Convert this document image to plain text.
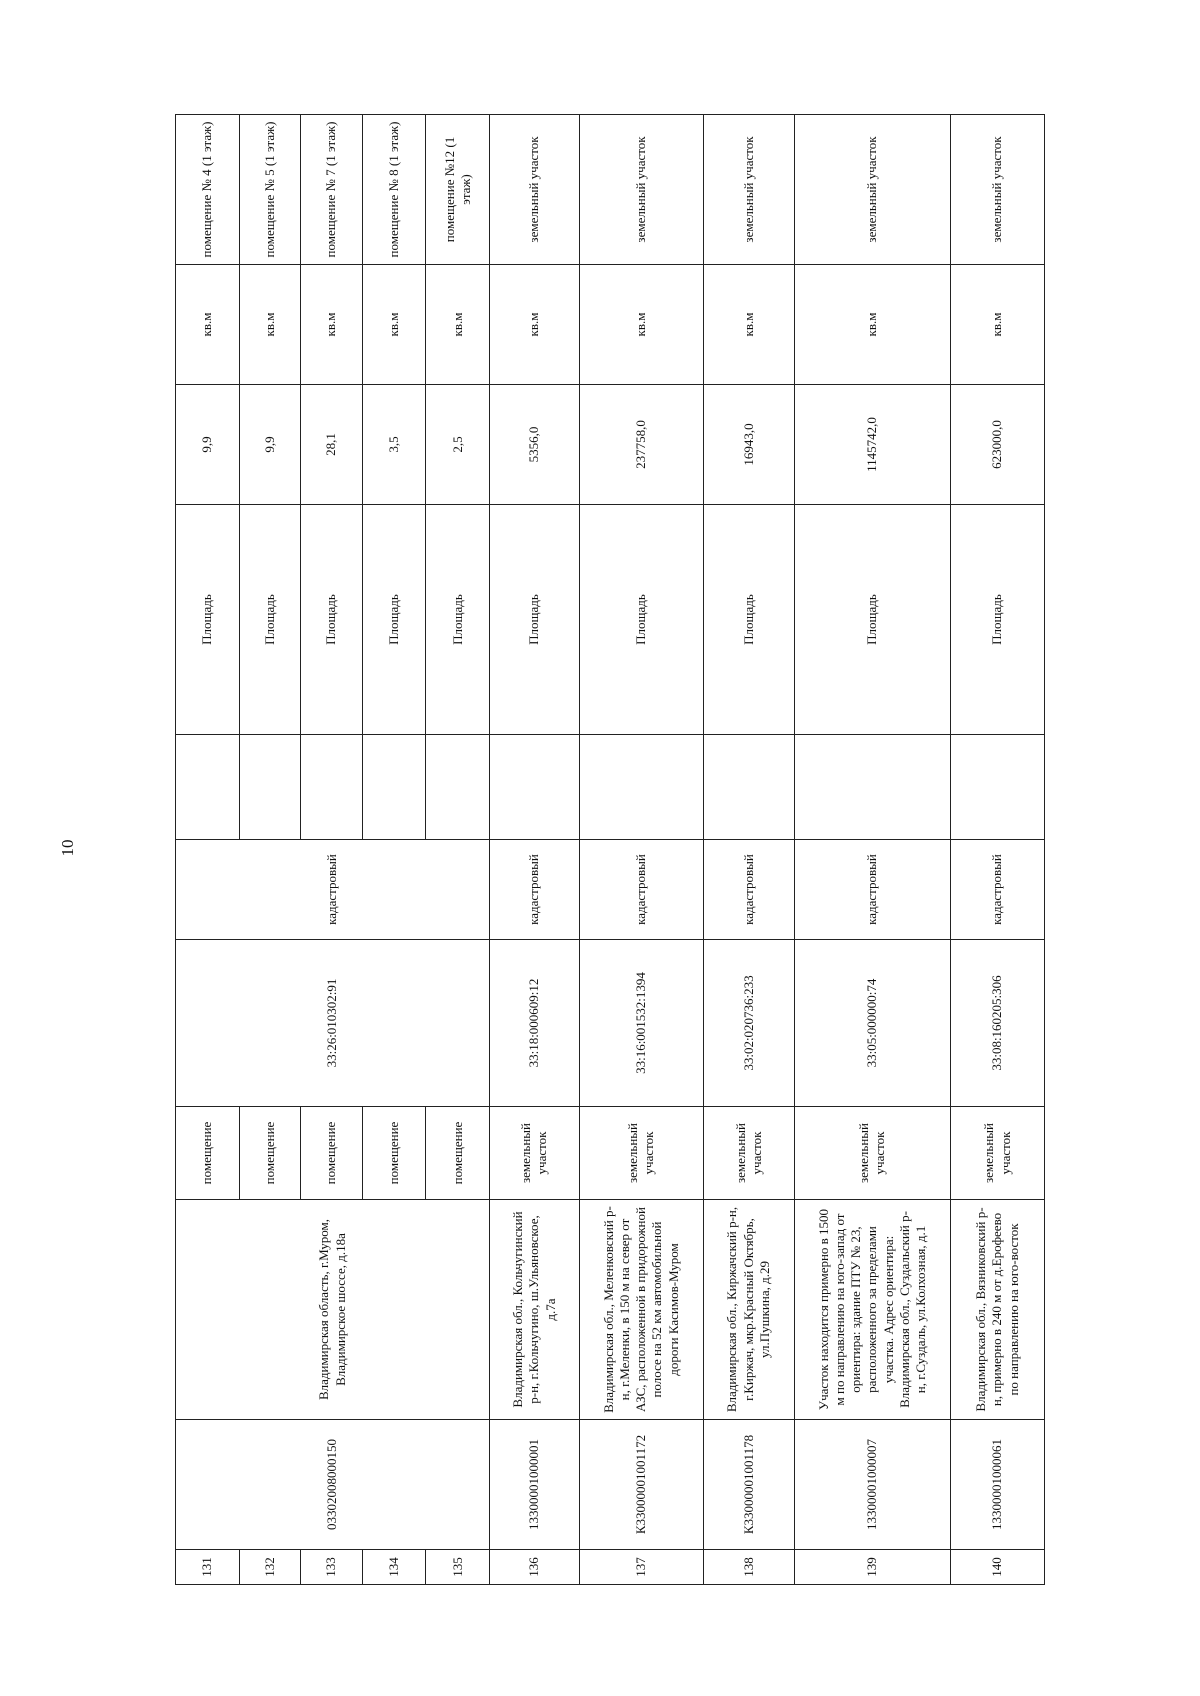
10
131	03302008000150	Владимирская область, г.Муром, Владимирское шоссе, д.18а	помещение	33:26:010302:91	кадастровый		Площадь	9,9	кв.м	помещение № 4 (1 этаж)
132			помещение				Площадь	9,9	кв.м	помещение № 5 (1 этаж)
133			помещение				Площадь	28,1	кв.м	помещение № 7 (1 этаж)
134			помещение				Площадь	3,5	кв.м	помещение № 8 (1 этаж)
135			помещение				Площадь	2,5	кв.м	помещение №12 (1 этаж)
136	13300001000001	Владимирская обл., Кольчугинский р-н, г.Кольчугино, ш.Ульяновское, д.7а	земельный участок	33:18:000609:12	кадастровый		Площадь	5356,0	кв.м	земельный участок
137	К33000001001172	Владимирская обл., Меленковский р-н, г.Меленки, в 150 м на север от АЗС, расположенной в придорожной полосе на 52 км автомобильной дороги Касимов-Муром	земельный участок	33:16:001532:1394	кадастровый		Площадь	237758,0	кв.м	земельный участок
138	К33000001001178	Владимирская обл., Киржачский р-н, г.Киржач, мкр.Красный Октябрь, ул.Пушкина, д.29	земельный участок	33:02:020736:233	кадастровый		Площадь	16943,0	кв.м	земельный участок
139	13300001000007	Участок находится примерно в 1500 м по направлению на юго-запад от ориентира: здание ПТУ № 23, расположенного за пределами участка. Адрес ориентира: Владимирская обл., Суздальский р-н, г.Суздаль, ул.Колхозная, д.1	земельный участок	33:05:000000:74	кадастровый		Площадь	1145742,0	кв.м	земельный участок
140	13300001000061	Владимирская обл., Вязниковский р-н, примерно в 240 м от д.Ерофеево по направлению на юго-восток	земельный участок	33:08:160205:306	кадастровый		Площадь	623000,0	кв.м	земельный участок
